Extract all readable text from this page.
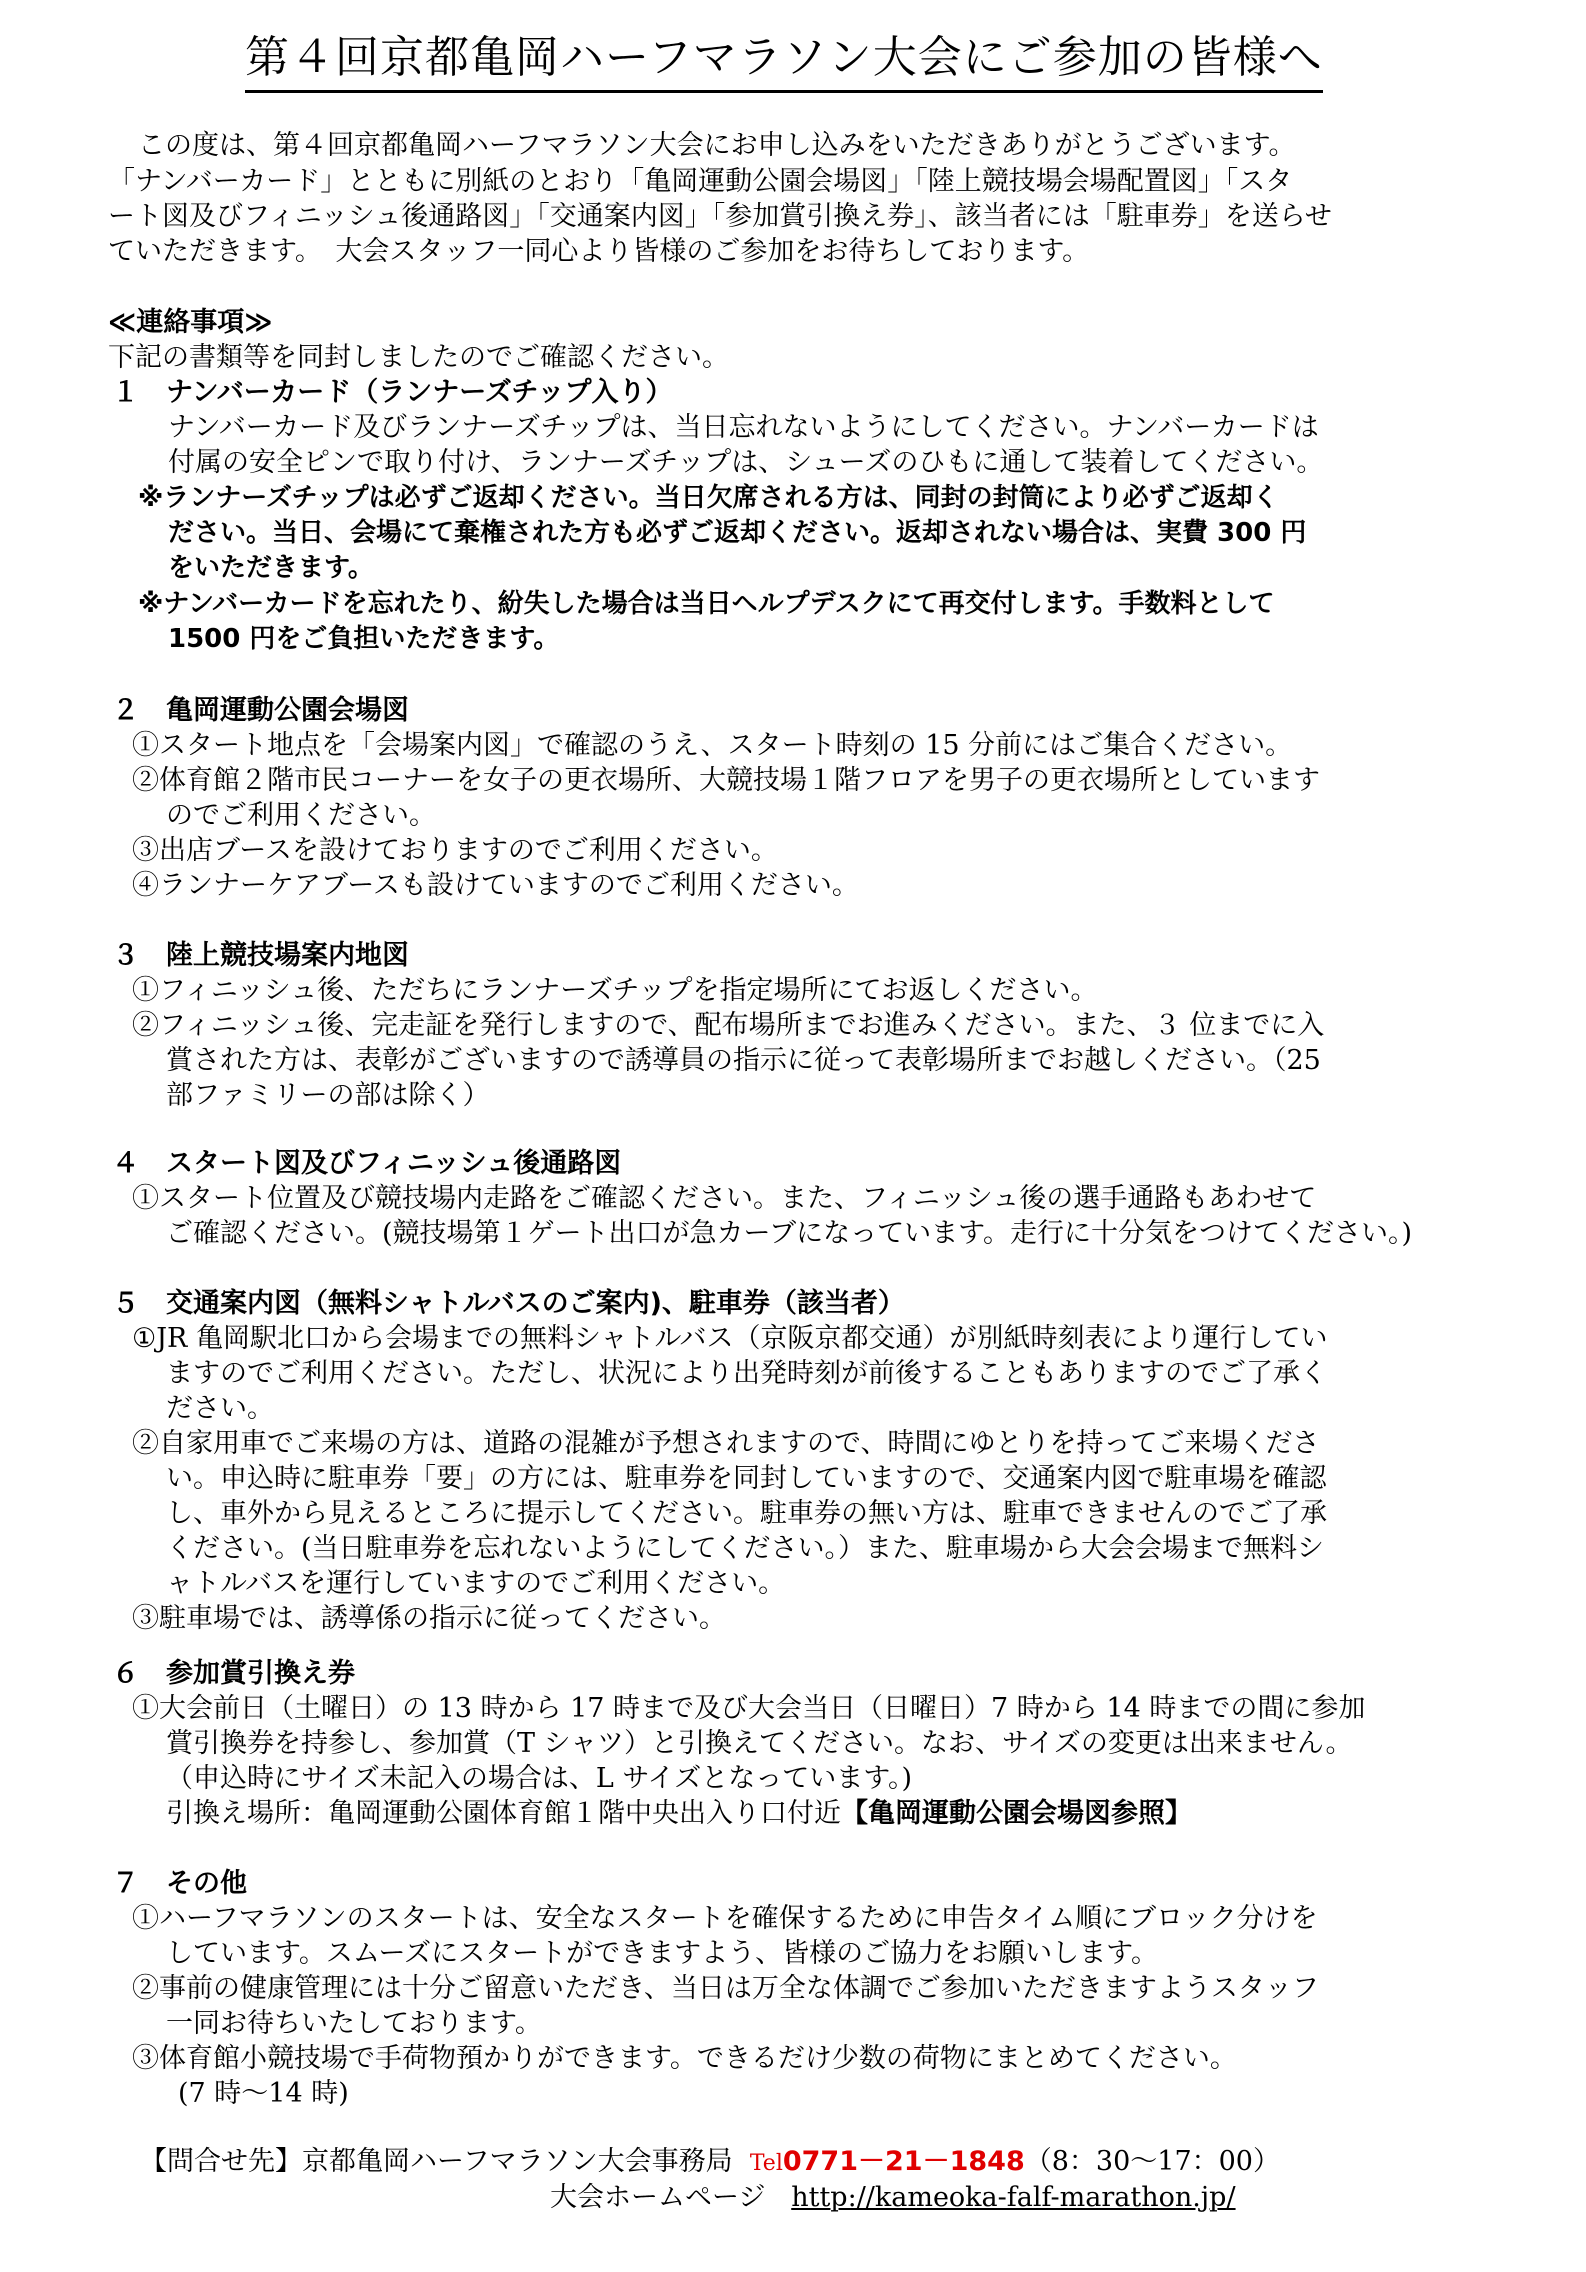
第４回京都亀岡ハーフマラソン大会にご参加の皆様へ
この度は、第４回京都亀岡ハーフマラソン大会にお申し込みをいただきありがとうございます。
「ナンバーカード」とともに別紙のとおり「亀岡運動公園会場図」「陸上競技場会場配置図」「スタ
ート図及びフィニッシュ後通路図」「交通案内図」「参加賞引換え券」、該当者には「駐車券」を送らせ
ていただきます。　大会スタッフ一同心より皆様のご参加をお待ちしております。
≪連絡事項≫
下記の書類等を同封しましたのでご確認ください。
１　ナンバーカード（ランナーズチップ入り）
ナンバーカード及びランナーズチップは、当日忘れないようにしてください。ナンバーカードは
付属の安全ピンで取り付け、ランナーズチップは、シューズのひもに通して装着してください。
※ランナーズチップは必ずご返却ください。当日欠席される方は、同封の封筒により必ずご返却く
ださい。当日、会場にて棄権された方も必ずご返却ください。返却されない場合は、実費 300 円
をいただきます。
※ナンバーカードを忘れたり、紛失した場合は当日ヘルプデスクにて再交付します。手数料として
1500 円をご負担いただきます。
２　亀岡運動公園会場図
①スタート地点を「会場案内図」で確認のうえ、スタート時刻の 15 分前にはご集合ください。
②体育館２階市民コーナーを女子の更衣場所、大競技場１階フロアを男子の更衣場所としています
のでご利用ください。
③出店ブースを設けておりますのでご利用ください。
④ランナーケアブースも設けていますのでご利用ください。
３　陸上競技場案内地図
①フィニッシュ後、ただちにランナーズチップを指定場所にてお返しください。
②フィニッシュ後、完走証を発行しますので、配布場所までお進みください。また、３ 位までに入
賞された方は、表彰がございますので誘導員の指示に従って表彰場所までお越しください。（25
部ファミリーの部は除く）
４　スタート図及びフィニッシュ後通路図
①スタート位置及び競技場内走路をご確認ください。また、フィニッシュ後の選手通路もあわせて
ご確認ください。(競技場第１ゲート出口が急カーブになっています。走行に十分気をつけてください。)
５　交通案内図（無料シャトルバスのご案内)、駐車券（該当者）
①JR 亀岡駅北口から会場までの無料シャトルバス（京阪京都交通）が別紙時刻表により運行してい
ますのでご利用ください。ただし、状況により出発時刻が前後することもありますのでご了承く
ださい。
②自家用車でご来場の方は、道路の混雑が予想されますので、時間にゆとりを持ってご来場くださ
い。申込時に駐車券「要」の方には、駐車券を同封していますので、交通案内図で駐車場を確認
し、車外から見えるところに提示してください。駐車券の無い方は、駐車できませんのでご了承
ください。(当日駐車券を忘れないようにしてください。）また、駐車場から大会会場まで無料シ
ャトルバスを運行していますのでご利用ください。
③駐車場では、誘導係の指示に従ってください。
６　参加賞引換え券
①大会前日（土曜日）の 13 時から 17 時まで及び大会当日（日曜日）7 時から 14 時までの間に参加
賞引換券を持参し、参加賞（T シャツ）と引換えてください。なお、サイズの変更は出来ません。
（申込時にサイズ未記入の場合は、L サイズとなっています。)
引換え場所：亀岡運動公園体育館１階中央出入り口付近【亀岡運動公園会場図参照】
７　その他
①ハーフマラソンのスタートは、安全なスタートを確保するために申告タイム順にブロック分けを
しています。スムーズにスタートができますよう、皆様のご協力をお願いします。
②事前の健康管理には十分ご留意いただき、当日は万全な体調でご参加いただきますようスタッフ
一同お待ちいたしております。
③体育館小競技場で手荷物預かりができます。できるだけ少数の荷物にまとめてください。
(7 時～14 時)
【問合せ先】京都亀岡ハーフマラソン大会事務局 Tel0771－21－1848（8：30～17：00）
大会ホームページ http://kameoka-falf-marathon.jp/
